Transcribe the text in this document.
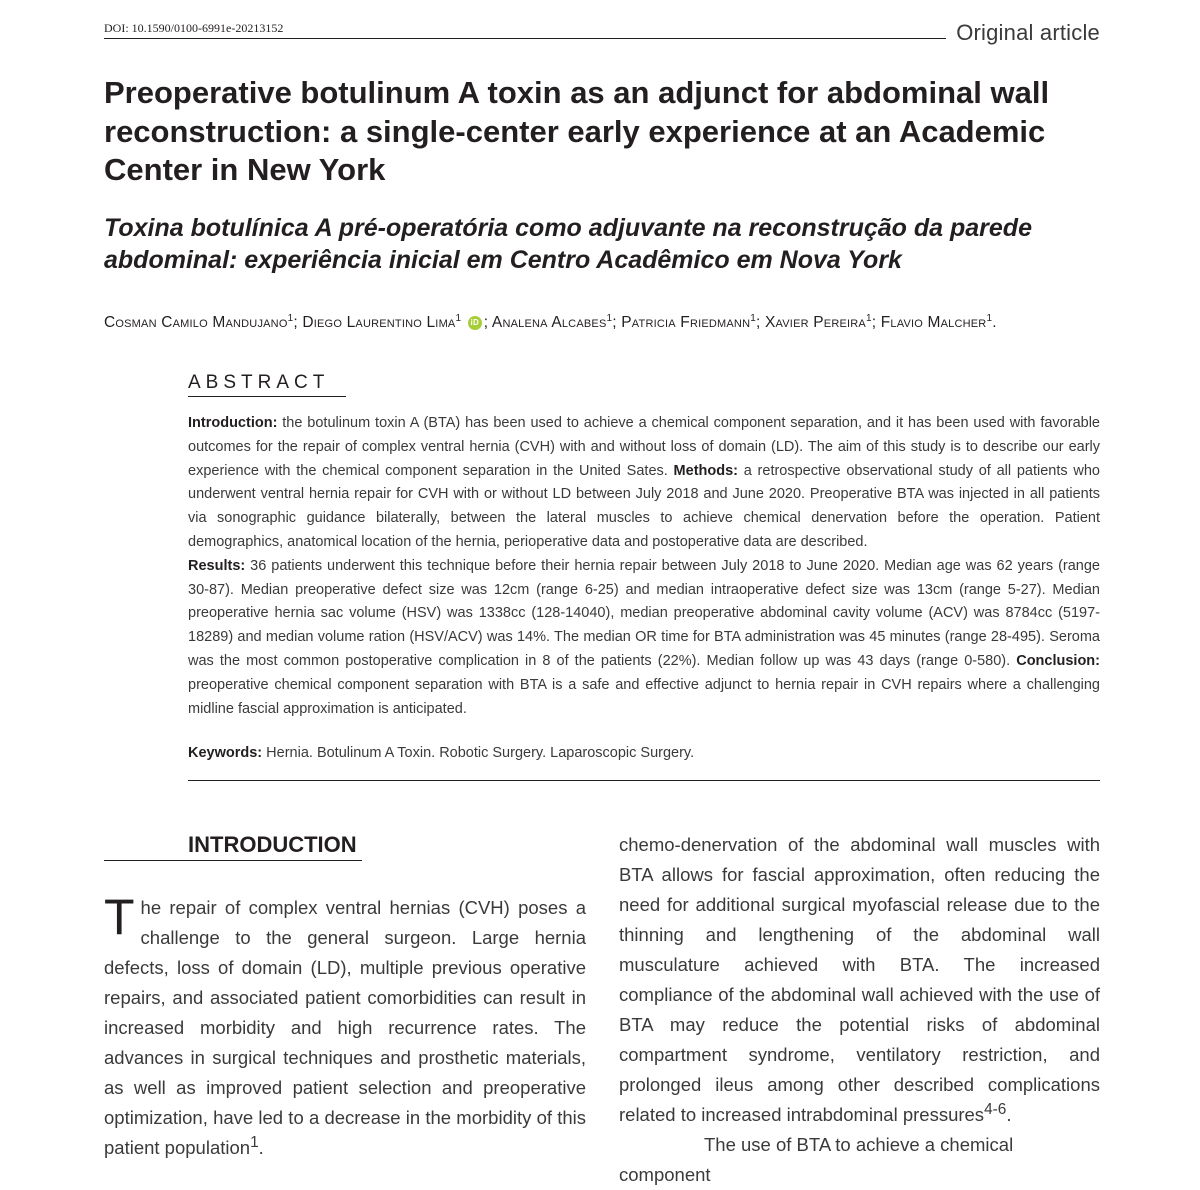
DOI: 10.1590/0100-6991e-20213152	Original article
Preoperative botulinum A toxin as an adjunct for abdominal wall reconstruction: a single-center early experience at an Academic Center in New York
Toxina botulínica A pré-operatória como adjuvante na reconstrução da parede abdominal: experiência inicial em Centro Acadêmico em Nova York
Cosman Camilo Mandujano$^1$; Diego Laurentino Lima$^1$ iD ; Analena Alcabes$^1$; Patricia Friedmann$^1$; Xavier Pereira$^1$; Flavio Malcher$^1$.
ABSTRACT

Introduction: the botulinum toxin A (BTA) has been used to achieve a chemical component separation, and it has been used with favorable outcomes for the repair of complex ventral hernia (CVH) with and without loss of domain (LD). The aim of this study is to describe our early experience with the chemical component separation in the United Sates. Methods: a retrospective observational study of all patients who underwent ventral hernia repair for CVH with or without LD between July 2018 and June 2020. Preoperative BTA was injected in all patients via sonographic guidance bilaterally, between the lateral muscles to achieve chemical denervation before the operation. Patient demographics, anatomical location of the hernia, perioperative data and postoperative data are described.
Results: 36 patients underwent this technique before their hernia repair between July 2018 to June 2020. Median age was 62 years (range 30-87). Median preoperative defect size was 12cm (range 6-25) and median intraoperative defect size was 13cm (range 5-27). Median preoperative hernia sac volume (HSV) was 1338cc (128-14040), median preoperative abdominal cavity volume (ACV) was 8784cc (5197-18289) and median volume ration (HSV/ACV) was 14%. The median OR time for BTA administration was 45 minutes (range 28-495). Seroma was the most common postoperative complication in 8 of the patients (22%). Median follow up was 43 days (range 0-580). Conclusion: preoperative chemical component separation with BTA is a safe and effective adjunct to hernia repair in CVH repairs where a challenging midline fascial approximation is anticipated.

Keywords: Hernia. Botulinum A Toxin. Robotic Surgery. Laparoscopic Surgery.

INTRODUCTION

The repair of complex ventral hernias (CVH) poses a challenge to the general surgeon. Large hernia defects, loss of domain (LD), multiple previous operative repairs, and associated patient comorbidities can result in increased morbidity and high recurrence rates. The advances in surgical techniques and prosthetic materials, as well as improved patient selection and preoperative optimization, have led to a decrease in the morbidity of this patient population$^1$.

chemo-denervation of the abdominal wall muscles with BTA allows for fascial approximation, often reducing the need for additional surgical myofascial release due to the thinning and lengthening of the abdominal wall musculature achieved with BTA. The increased compliance of the abdominal wall achieved with the use of BTA may reduce the potential risks of abdominal compartment syndrome, ventilatory restriction, and prolonged ileus among other described complications related to increased intrabdominal pressures$^{4-6}$.

The use of BTA to achieve a chemical component
